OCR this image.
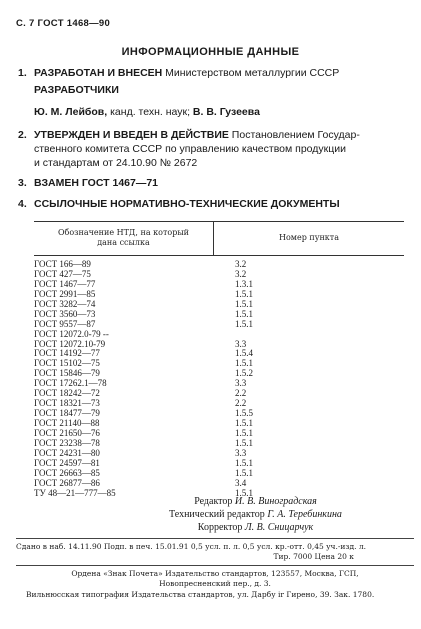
С. 7 ГОСТ 1468—90
ИНФОРМАЦИОННЫЕ ДАННЫЕ
1. РАЗРАБОТАН И ВНЕСЕН Министерством металлургии СССР
РАЗРАБОТЧИКИ
Ю. М. Лейбов, канд. техн. наук; В. В. Гузеева
2. УТВЕРЖДЕН И ВВЕДЕН В ДЕЙСТВИЕ Постановлением Государ-
ственного комитета СССР по управлению качеством продукции
и стандартам от 24.10.90 № 2672
3. ВЗАМЕН ГОСТ 1467—71
4. ССЫЛОЧНЫЕ НОРМАТИВНО-ТЕХНИЧЕСКИЕ ДОКУМЕНТЫ
Обозначение НТД, на который
дана ссылка
Номер пункта
ГОСТ 166—89	3.2
ГОСТ 427—75	3.2
ГОСТ 1467—77	1.3.1
ГОСТ 2991—85	1.5.1
ГОСТ 3282—74	1.5.1
ГОСТ 3560—73	1.5.1
ГОСТ 9557—87	1.5.1
ГОСТ 12072.0-79 --
ГОСТ 12072.10-79	3.3
ГОСТ 14192—77	1.5.4
ГОСТ 15102—75	1.5.1
ГОСТ 15846—79	1.5.2
ГОСТ 17262.1—78	3.3
ГОСТ 18242—72	2.2
ГОСТ 18321—73	2.2
ГОСТ 18477—79	1.5.5
ГОСТ 21140—88	1.5.1
ГОСТ 21650—76	1.5.1
ГОСТ 23238—78	1.5.1
ГОСТ 24231—80	3.3
ГОСТ 24597—81	1.5.1
ГОСТ 26663—85	1.5.1
ГОСТ 26877—86	3.4
ТУ 48—21—777—85	1.5.1
Редактор И. В. Виноградская
Технический редактор Г. А. Теребинкина
Корректор Л. В. Сницарчук
Сдано в наб. 14.11.90 Подп. в печ. 15.01.91 0,5 усл. п. л. 0,5 усл. кр.-отт. 0,45 уч.-изд. л.
Тир. 7000 Цена 20 к
Ордена «Знак Почета» Издательство стандартов, 123557, Москва, ГСП,
Новопресненский пер., д. 3.
Вильнюсская типография Издательства стандартов, ул. Дарбу ir Гирено, 39. Зак. 1780.
